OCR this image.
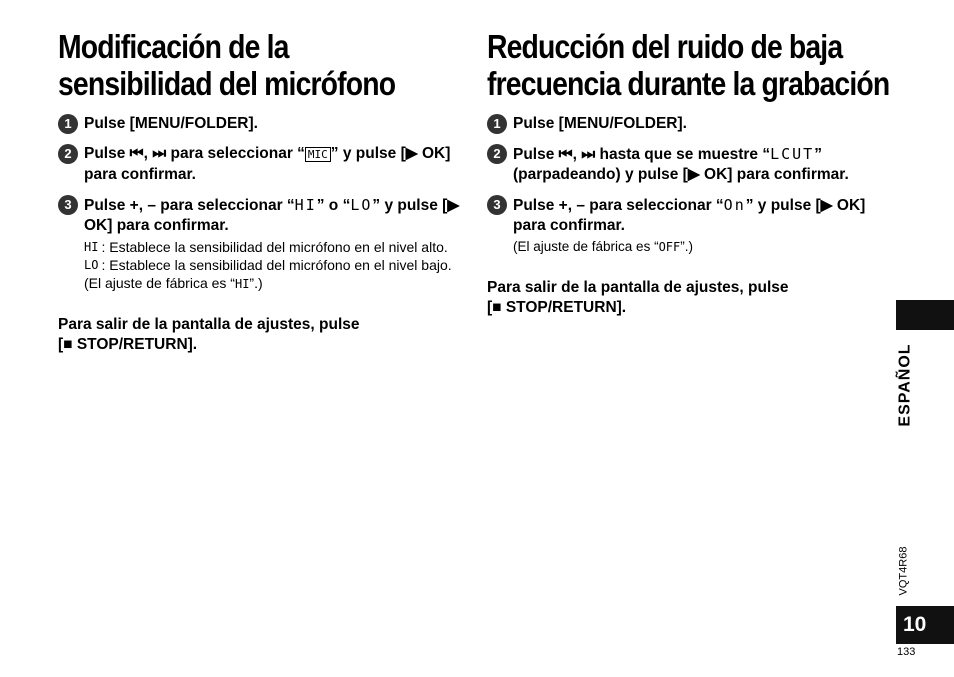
Modificación de la
sensibilidad del micrófono
1 Pulse [MENU/FOLDER].
2 Pulse ⏮, ⏭ para seleccionar “ MIC ” y pulse [▶ OK] para confirmar.
3 Pulse +, – para seleccionar “HI” o “LO” y pulse [▶ OK] para confirmar.
HI : Establece la sensibilidad del micrófono en el nivel alto.
LO : Establece la sensibilidad del micrófono en el nivel bajo.
(El ajuste de fábrica es “HI”.)
Para salir de la pantalla de ajustes, pulse
[■ STOP/RETURN].
Reducción del ruido de baja
frecuencia durante la grabación
1 Pulse [MENU/FOLDER].
2 Pulse ⏮, ⏭ hasta que se muestre “LCUT” (parpadeando) y pulse [▶ OK] para confirmar.
3 Pulse +, – para seleccionar “On” y pulse [▶ OK] para confirmar.
(El ajuste de fábrica es “OFF”.)
Para salir de la pantalla de ajustes, pulse
[■ STOP/RETURN].
ESPAÑOL
VQT4R68
10
133
